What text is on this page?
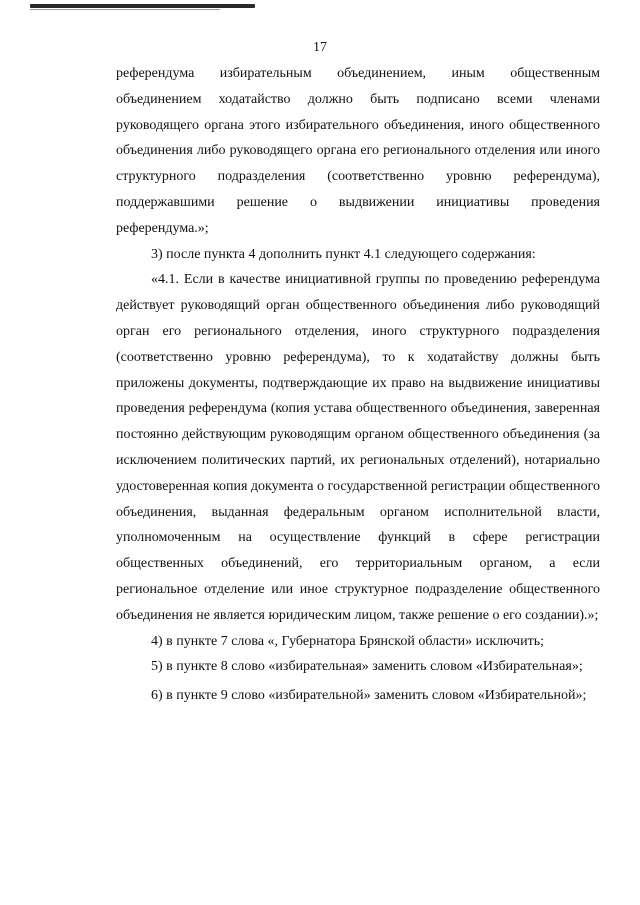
17

референдума избирательным объединением, иным общественным объединением ходатайство должно быть подписано всеми членами руководящего органа этого избирательного объединения, иного общественного объединения либо руководящего органа его регионального отделения или иного структурного подразделения (соответственно уровню референдума), поддержавшими решение о выдвижении инициативы проведения референдума.»;

3) после пункта 4 дополнить пункт 4.1 следующего содержания:

«4.1. Если в качестве инициативной группы по проведению референдума действует руководящий орган общественного объединения либо руководящий орган его регионального отделения, иного структурного подразделения (соответственно уровню референдума), то к ходатайству должны быть приложены документы, подтверждающие их право на выдвижение инициативы проведения референдума (копия устава общественного объединения, заверенная постоянно действующим руководящим органом общественного объединения (за исключением политических партий, их региональных отделений), нотариально удостоверенная копия документа о государственной регистрации общественного объединения, выданная федеральным органом исполнительной власти, уполномоченным на осуществление функций в сфере регистрации общественных объединений, его территориальным органом, а если региональное отделение или иное структурное подразделение общественного объединения не является юридическим лицом, также решение о его создании).»;

4) в пункте 7 слова «, Губернатора Брянской области» исключить;

5) в пункте 8 слово «избирательная» заменить словом «Избирательная»;

6) в пункте 9 слово «избирательной» заменить словом «Избирательной»;
